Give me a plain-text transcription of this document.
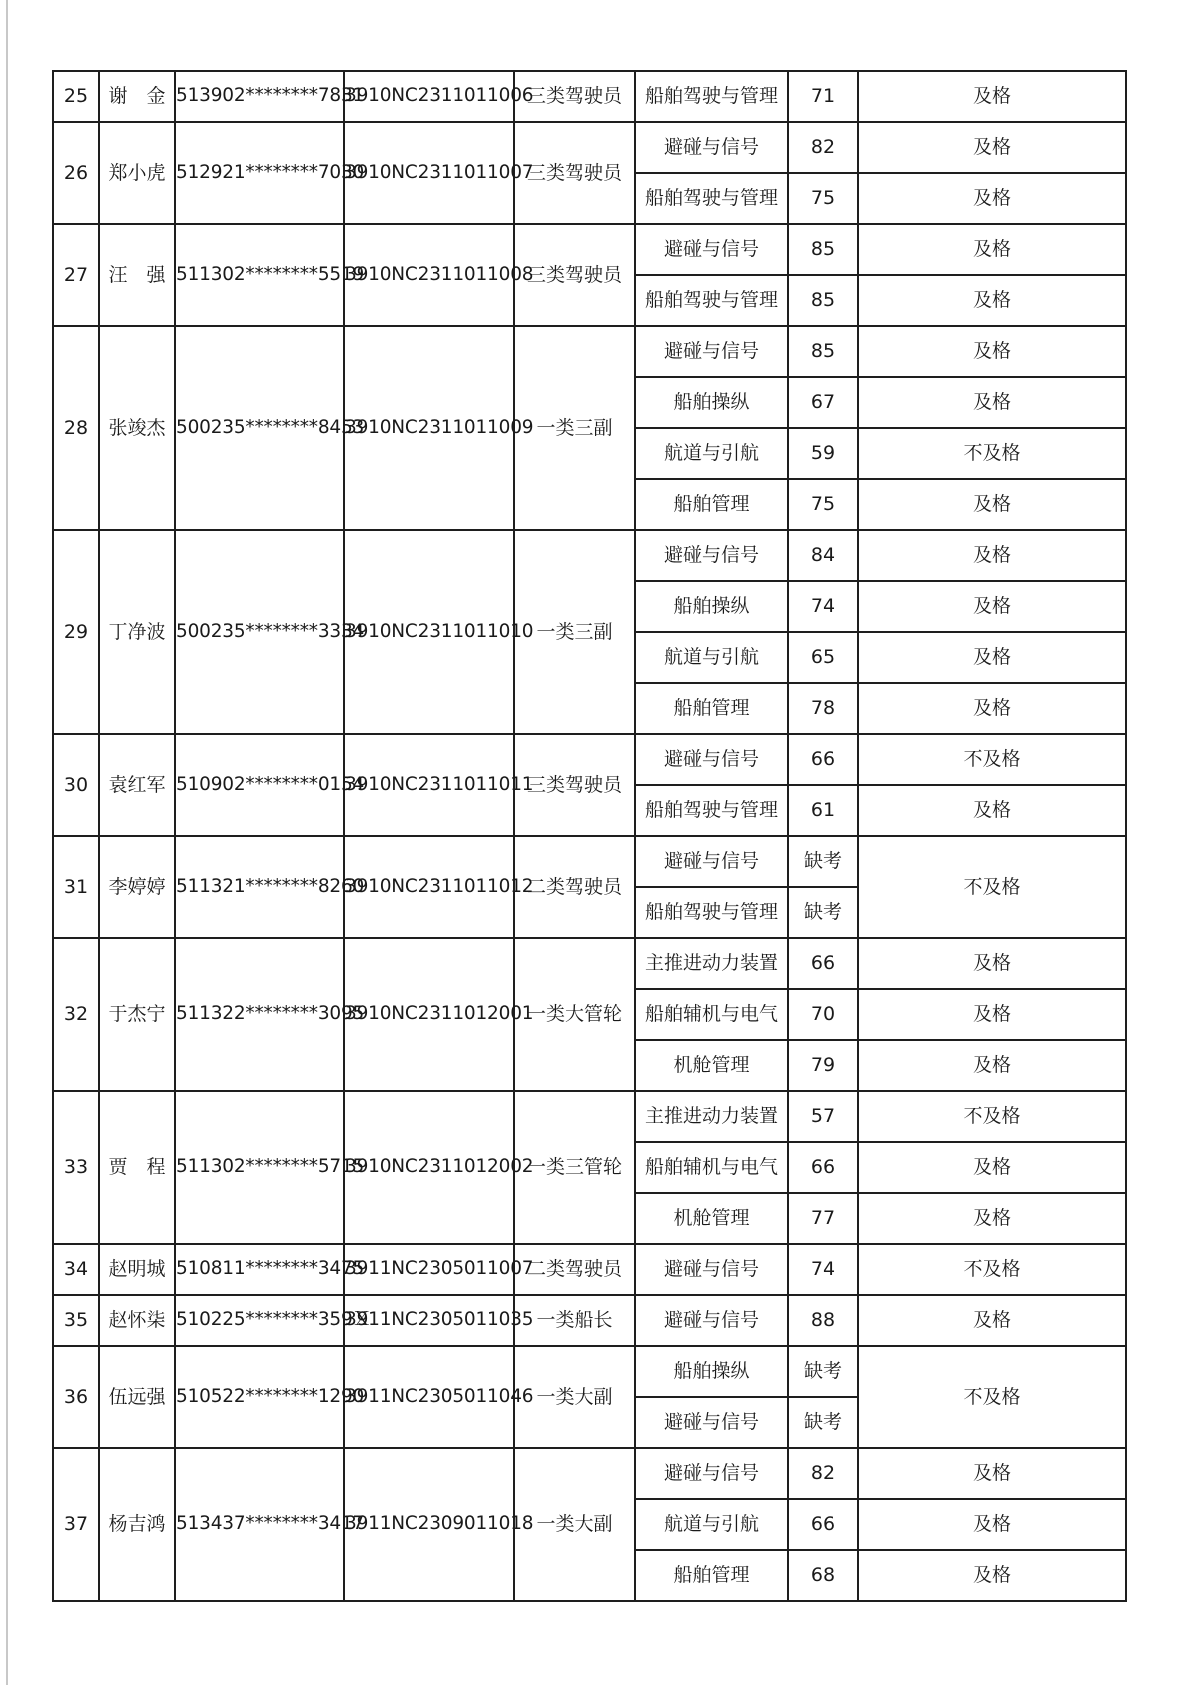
25	谢　金	513902********7831	3910NC2311011006	三类驾驶员	船舶驾驶与管理	71	及格
26	郑小虎	512921********7030	3910NC2311011007	三类驾驶员	避碰与信号	82	及格
					船舶驾驶与管理	75	及格
27	汪　强	511302********5519	3910NC2311011008	三类驾驶员	避碰与信号	85	及格
					船舶驾驶与管理	85	及格
28	张竣杰	500235********8453	3910NC2311011009	一类三副	避碰与信号	85	及格
					船舶操纵	67	及格
					航道与引航	59	不及格
					船舶管理	75	及格
29	丁净波	500235********3334	3910NC2311011010	一类三副	避碰与信号	84	及格
					船舶操纵	74	及格
					航道与引航	65	及格
					船舶管理	78	及格
30	袁红军	510902********0154	3910NC2311011011	三类驾驶员	避碰与信号	66	不及格
					船舶驾驶与管理	61	及格
31	李婷婷	511321********8260	3910NC2311011012	二类驾驶员	避碰与信号	缺考	不及格
					船舶驾驶与管理	缺考	
32	于杰宁	511322********3095	3910NC2311012001	一类大管轮	主推进动力装置	66	及格
					船舶辅机与电气	70	及格
					机舱管理	79	及格
33	贾　程	511302********5715	3910NC2311012002	一类三管轮	主推进动力装置	57	不及格
					船舶辅机与电气	66	及格
					机舱管理	77	及格
34	赵明城	510811********3475	3911NC2305011007	二类驾驶员	避碰与信号	74	不及格
35	赵怀柒	510225********359Ｘ	3911NC2305011035	一类船长	避碰与信号	88	及格
36	伍远强	510522********1290	3911NC2305011046	一类大副	船舶操纵	缺考	不及格
					避碰与信号	缺考	
37	杨吉鸿	513437********3417	3911NC2309011018	一类大副	避碰与信号	82	及格
					航道与引航	66	及格
					船舶管理	68	及格
